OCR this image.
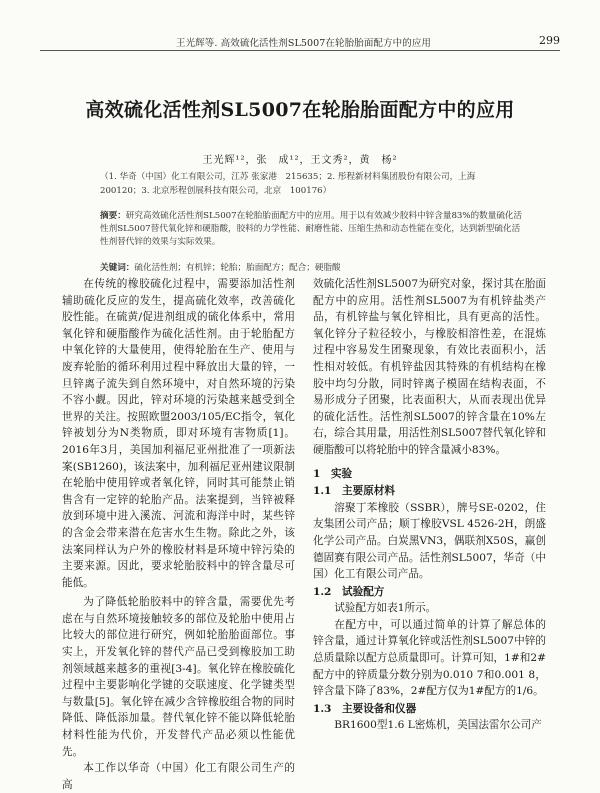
王光辉等. 高效硫化活性剂SL5007在轮胎胎面配方中的应用	299
高效硫化活性剂SL5007在轮胎胎面配方中的应用
王光辉¹²，张　成¹²，王文秀²，黄　杨²
（1. 华奇（中国）化工有限公司，江苏 张家港　215635；2. 彤程新材料集团股份有限公司，上海　200120；3. 北京彤程创展科技有限公司，北京　100176）
摘要：研究高效硫化活性剂SL5007在轮胎胎面配方中的应用。用于以有效减少胶料中锌含量83%的数量硫化活性剂SL5007替代氧化锌和硬脂酸，胶料的力学性能、耐磨性能、压缩生热和动态性能在变化，达到新型硫化活性剂替代锌的效果与实际效果。
关键词：硫化活性剂；有机锌；轮胎；胎面配方；配合；硬脂酸

在传统的橡胶硫化过程中，需要添加活性剂辅助硫化反应的发生，提高硫化效率，改善硫化胶性能。在硫黄/促进剂组成的硫化体系中，常用氧化锌和硬脂酸作为硫化活性剂。由于轮胎配方中氧化锌的大量使用，使得轮胎在生产、使用与废弃轮胎的循环利用过程中释放出大量的锌，一旦锌离子流失到自然环境中，对自然环境的污染不容小觑。因此，锌对环境的污染越来越受到全世界的关注。按照欧盟2003/105/EC指令，氧化锌被划分为N类物质，即对环境有害物质[1]。2016年3月，美国加利福尼亚州批准了一项新法案(SB1260)，该法案中，加利福尼亚州建议限制在轮胎中使用锌或者氧化锌，同时其可能禁止销售含有一定锌的轮胎产品。法案提到，当锌被释放到环境中进入溪流、河流和海洋中时，某些锌的含金会带来潜在危害水生生物。除此之外，该法案同样认为户外的橡胶材料是环境中锌污染的主要来源。因此，要求轮胎胶料中的锌含量尽可能低。

为了降低轮胎胶料中的锌含量，需要优先考虑在与自然环境接触较多的部位及轮胎中使用占比较大的部位进行研究，例如轮胎胎面部位。事实上，开发氧化锌的替代产品已受到橡胶加工助剂领域越来越多的重视[3-4]。氧化锌在橡胶硫化过程中主要影响化学键的交联速度、化学键类型与数量[5]。氧化锌在减少含锌橡胶组合物的同时降低、降低添加量。替代氧化锌不能以降低轮胎材料性能为代价，开发替代产品必须以性能优先。

本工作以华奇（中国）化工有限公司生产的高

效硫化活性剂SL5007为研究对象，探讨其在胎面配方中的应用。活性剂SL5007为有机锌盐类产品，有机锌盐与氧化锌相比，具有更高的活性。氧化锌分子粒径较小，与橡胶相溶性差，在混炼过程中容易发生团聚现象，有效比表面积小，活性相对较低。有机锌盐因其特殊的有机结构在橡胶中均匀分散，同时锌离子模固在结构表面，不易形成分子团聚，比表面积大，从而表现出优异的硫化活性。活性剂SL5007的锌含量在10%左右，综合其用量，用活性剂SL5007替代氧化锌和硬脂酸可以将轮胎中的锌含量减小83%。

1　实验
1.1　主要原材料

溶聚丁苯橡胶（SSBR），牌号SE-0202，住友集团公司产品；顺丁橡胶VSL 4526-2H，朗盛化学公司产品。白炭黑VN3，偶联剂X50S，赢创德固赛有限公司产品。活性剂SL5007，华奇（中国）化工有限公司产品。

1.2　试验配方

试验配方如表1所示。

在配方中，可以通过简单的计算了解总体的锌含量，通过计算氧化锌或活性剂SL5007中锌的总质量除以配方总质量即可。计算可知，1#和2#配方中的锌质量分数分别为0.010 7和0.001 8，锌含量下降了83%，2#配方仅为1#配方的1/6。

1.3　主要设备和仪器

BR1600型1.6 L密炼机，美国法雷尔公司产
